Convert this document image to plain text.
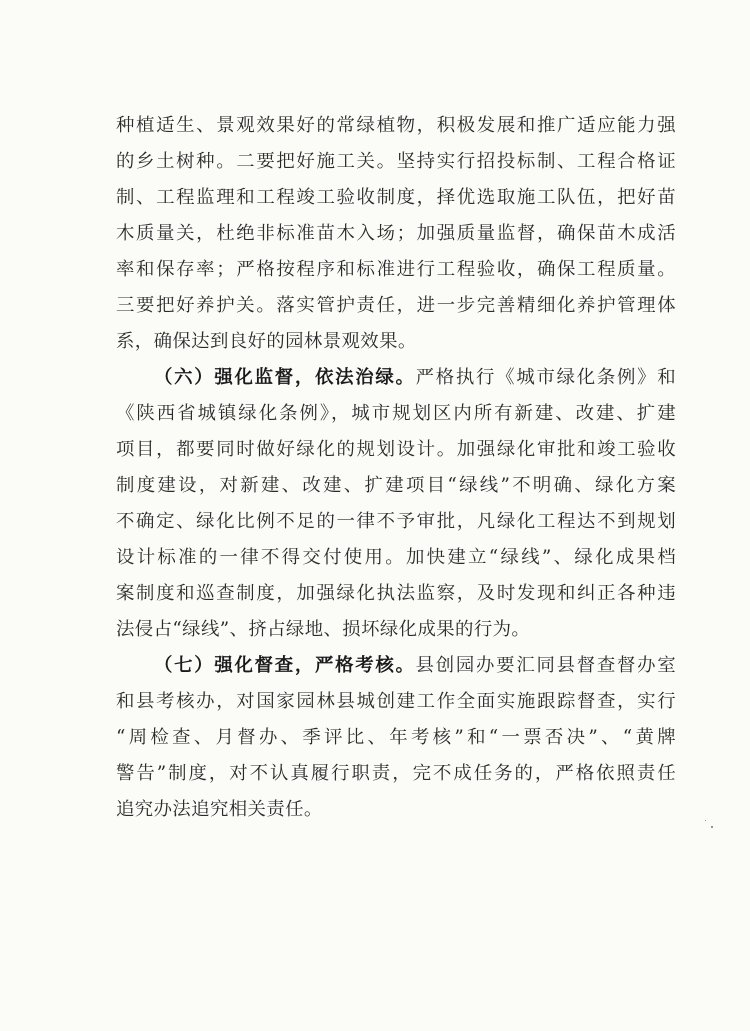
种植适生、景观效果好的常绿植物，积极发展和推广适应能力强
的乡土树种。二要把好施工关。坚持实行招投标制、工程合格证
制、工程监理和工程竣工验收制度，择优选取施工队伍，把好苗
木质量关，杜绝非标准苗木入场；加强质量监督，确保苗木成活
率和保存率；严格按程序和标准进行工程验收，确保工程质量。
三要把好养护关。落实管护责任，进一步完善精细化养护管理体
系，确保达到良好的园林景观效果。
（六）强化监督，依法治绿。严格执行《城市绿化条例》和
《陕西省城镇绿化条例》，城市规划区内所有新建、改建、扩建
项目，都要同时做好绿化的规划设计。加强绿化审批和竣工验收
制度建设，对新建、改建、扩建项目“绿线”不明确、绿化方案
不确定、绿化比例不足的一律不予审批，凡绿化工程达不到规划
设计标准的一律不得交付使用。加快建立“绿线”、绿化成果档
案制度和巡查制度，加强绿化执法监察，及时发现和纠正各种违
法侵占“绿线”、挤占绿地、损坏绿化成果的行为。
（七）强化督查，严格考核。县创园办要汇同县督查督办室
和县考核办，对国家园林县城创建工作全面实施跟踪督查，实行
“周检查、月督办、季评比、年考核”和“一票否决”、“黄牌
警告”制度，对不认真履行职责，完不成任务的，严格依照责任
追究办法追究相关责任。
